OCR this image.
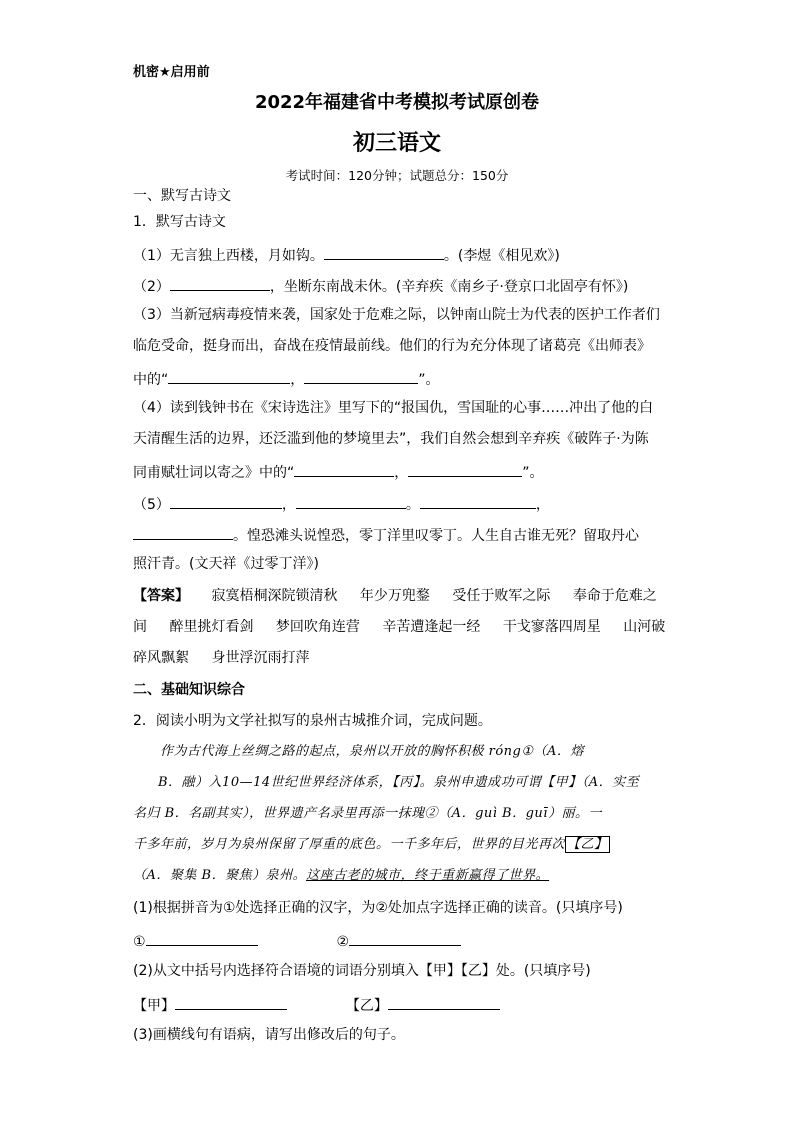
机密★启用前
2022年福建省中考模拟考试原创卷
初三语文
考试时间：120分钟；试题总分：150分
一、默写古诗文
1．默写古诗文
（1）无言独上西楼，月如钩。	。(李煜《相见欢》)
（2）	，坐断东南战未休。(辛弃疾《南乡子·登京口北固亭有怀》)
（3）当新冠病毒疫情来袭，国家处于危难之际，以钟南山院士为代表的医护工作者们
临危受命，挺身而出，奋战在疫情最前线。他们的行为充分体现了诸葛亮《出师表》
中的“	，	”。
（4）读到钱钟书在《宋诗选注》里写下的“报国仇，雪国耻的心事……冲出了他的白
天清醒生活的边界，还泛滥到他的梦境里去”，我们自然会想到辛弃疾《破阵子·为陈
同甫赋壮词以寄之》中的“	，	”。
（5）	，	。	，
。惶恐滩头说惶恐，零丁洋里叹零丁。人生自古谁无死？留取丹心
照汗青。(文天祥《过零丁洋》)
【答案】 寂寞梧桐深院锁清秋 年少万兜鍪 受任于败军之际 奉命于危难之
间 醉里挑灯看剑 梦回吹角连营 辛苦遭逢起一经 干戈寥落四周星 山河破
碎风飘絮 身世浮沉雨打萍
二、基础知识综合
2．阅读小明为文学社拟写的泉州古城推介词，完成问题。
作为古代海上丝绸之路的起点，泉州以开放的胸怀积极 róng①（A．熔
B．融）入10—14世纪世界经济体系，【丙】。泉州申遗成功可谓【甲】（A．实至
名归 B．名副其实），世界遗产名录里再添一抹瑰②（A．guì B．guī）丽。一
千多年前，岁月为泉州保留了厚重的底色。一千多年后，世界的目光再次 【乙】
（A．聚集 B．聚焦）泉州。这座古老的城市，终于重新赢得了世界。
(1)根据拼音为①处选择正确的汉字，为②处加点字选择正确的读音。(只填序号)
①	②
(2)从文中括号内选择符合语境的词语分别填入【甲】【乙】处。(只填序号)
【甲】	【乙】
(3)画横线句有语病，请写出修改后的句子。
